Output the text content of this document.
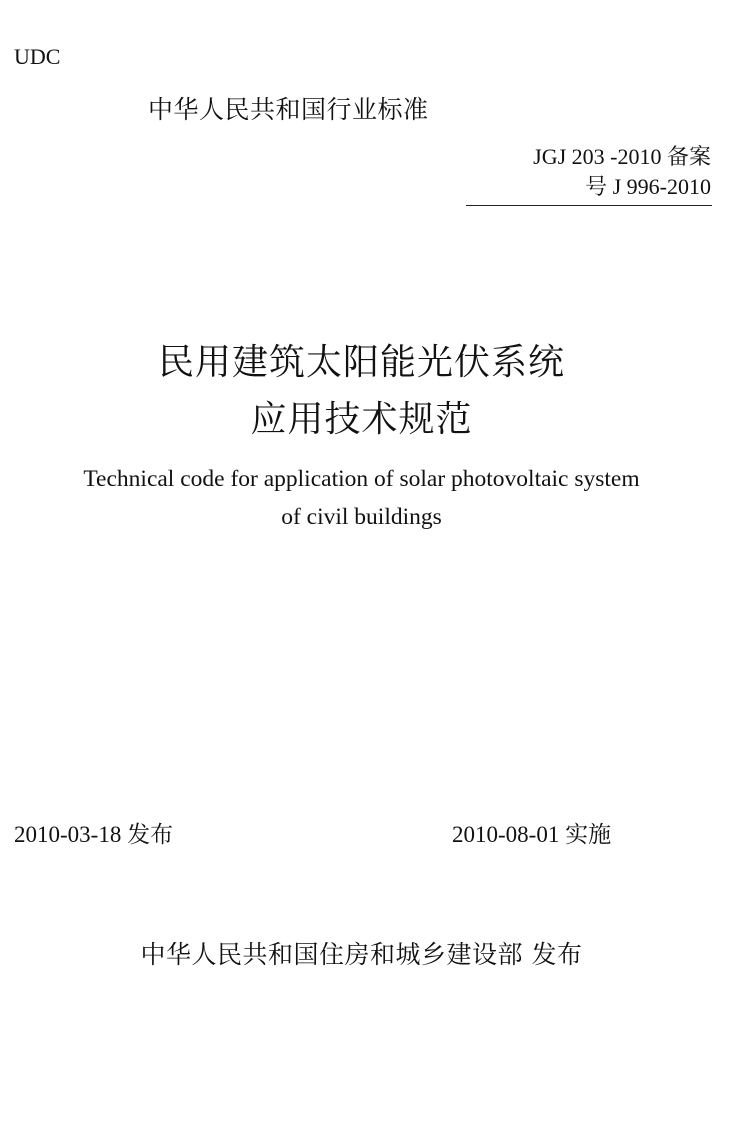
UDC
中华人民共和国行业标准
JGJ 203 -2010 备案
号 J 996-2010
民用建筑太阳能光伏系统
应用技术规范
Technical code for application of solar photovoltaic system
of civil buildings
2010-03-18 发布	2010-08-01 实施
中华人民共和国住房和城乡建设部 发布
